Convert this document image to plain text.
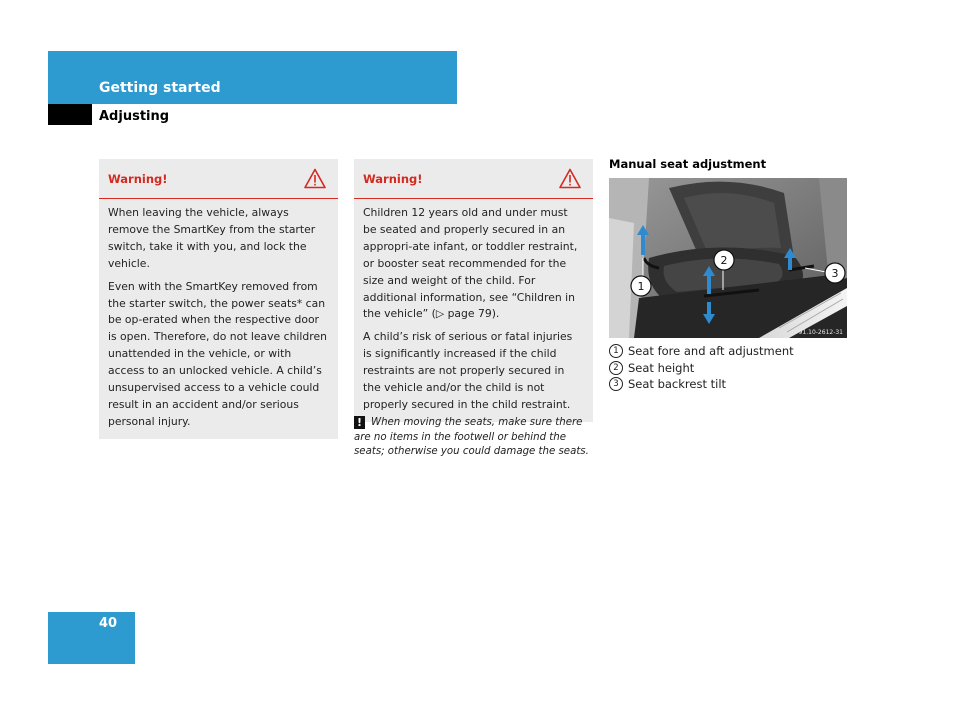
Getting started
Adjusting
Warning!

When leaving the vehicle, always remove the SmartKey from the starter switch, take it with you, and lock the vehicle.

Even with the SmartKey removed from the starter switch, the power seats* can be op-erated when the respective door is open. Therefore, do not leave children unattended in the vehicle, or with access to an unlocked vehicle. A child’s unsupervised access to a vehicle could result in an accident and/or serious personal injury.

Warning!

Children 12 years old and under must be seated and properly secured in an appropri-ate infant, or toddler restraint, or booster seat recommended for the size and weight of the child. For additional information, see “Children in the vehicle” (▷ page 79).

A child’s risk of serious or fatal injuries is significantly increased if the child restraints are not properly secured in the vehicle and/or the child is not properly secured in the child restraint.

! When moving the seats, make sure there are no items in the footwell or behind the seats; otherwise you could damage the seats.
Manual seat adjustment
1
2
3
P91.10-2612-31
1 Seat fore and aft adjustment
2 Seat height
3 Seat backrest tilt
40
